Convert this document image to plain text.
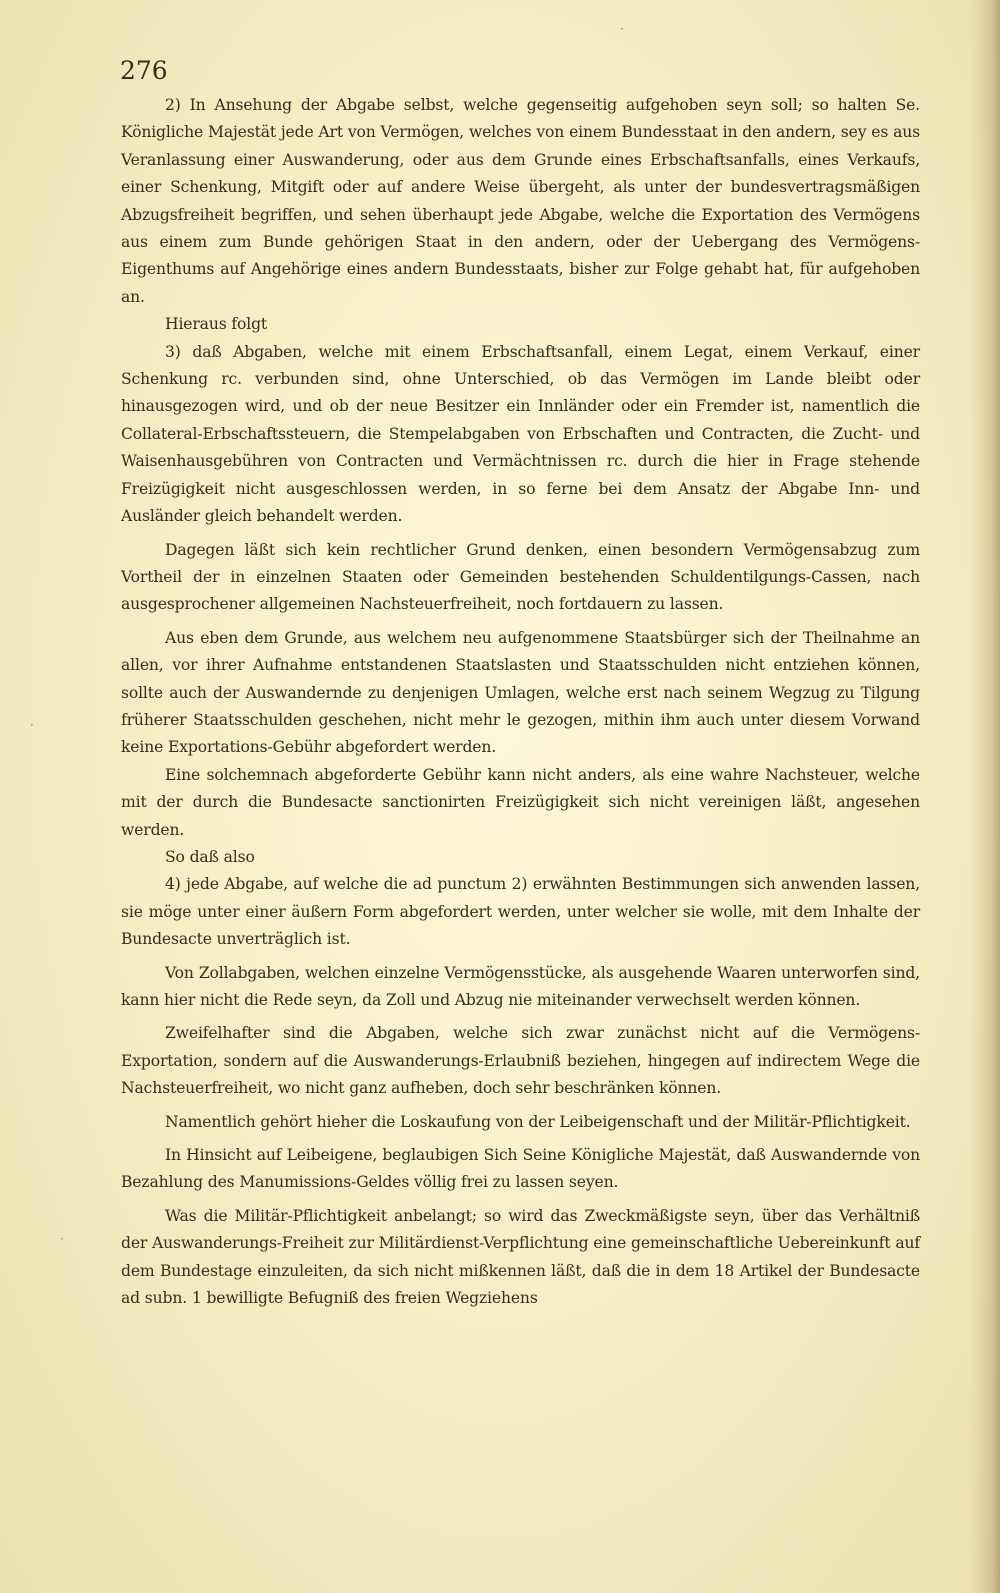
276
·
·
·

2) In Ansehung der Abgabe selbst, welche gegenseitig aufgehoben seyn soll; so halten Se. Königliche Majestät jede Art von Vermögen, welches von einem Bundesstaat in den andern, sey es aus Veranlassung einer Auswanderung, oder aus dem Grunde eines Erbschaftsanfalls, eines Verkaufs, einer Schenkung, Mitgift oder auf andere Weise übergeht, als unter der bundesvertragsmäßigen Abzugsfreiheit begriffen, und sehen überhaupt jede Abgabe, welche die Exportation des Vermögens aus einem zum Bunde gehörigen Staat in den andern, oder der Uebergang des Vermögens-Eigenthums auf Angehörige eines andern Bundesstaats, bisher zur Folge gehabt hat, für aufgehoben an.

Hieraus folgt

3) daß Abgaben, welche mit einem Erbschaftsanfall, einem Legat, einem Verkauf, einer Schenkung rc. verbunden sind, ohne Unterschied, ob das Vermögen im Lande bleibt oder hinausgezogen wird, und ob der neue Besitzer ein Innländer oder ein Fremder ist, namentlich die Collateral-Erbschaftssteuern, die Stempelabgaben von Erbschaften und Contracten, die Zucht- und Waisenhausgebühren von Contracten und Vermächtnissen rc. durch die hier in Frage stehende Freizügigkeit nicht ausgeschlossen werden, in so ferne bei dem Ansatz der Abgabe Inn- und Ausländer gleich behandelt werden.

Dagegen läßt sich kein rechtlicher Grund denken, einen besondern Vermögensabzug zum Vortheil der in einzelnen Staaten oder Gemeinden bestehenden Schuldentilgungs-Cassen, nach ausgesprochener allgemeinen Nachsteuerfreiheit, noch fortdauern zu lassen.

Aus eben dem Grunde, aus welchem neu aufgenommene Staatsbürger sich der Theilnahme an allen, vor ihrer Aufnahme entstandenen Staatslasten und Staatsschulden nicht entziehen können, sollte auch der Auswandernde zu denjenigen Umlagen, welche erst nach seinem Wegzug zu Tilgung früherer Staatsschulden geschehen, nicht mehr le gezogen, mithin ihm auch unter diesem Vorwand keine Exportations-Gebühr abgefordert werden.

Eine solchemnach abgeforderte Gebühr kann nicht anders, als eine wahre Nachsteuer, welche mit der durch die Bundesacte sanctionirten Freizügigkeit sich nicht vereinigen läßt, angesehen werden.

So daß also

4) jede Abgabe, auf welche die ad punctum 2) erwähnten Bestimmungen sich anwenden lassen, sie möge unter einer äußern Form abgefordert werden, unter welcher sie wolle, mit dem Inhalte der Bundesacte unverträglich ist.

Von Zollabgaben, welchen einzelne Vermögensstücke, als ausgehende Waaren unterworfen sind, kann hier nicht die Rede seyn, da Zoll und Abzug nie miteinander verwechselt werden können.

Zweifelhafter sind die Abgaben, welche sich zwar zunächst nicht auf die Vermögens-Exportation, sondern auf die Auswanderungs-Erlaubniß beziehen, hingegen auf indirectem Wege die Nachsteuerfreiheit, wo nicht ganz aufheben, doch sehr beschränken können.

Namentlich gehört hieher die Loskaufung von der Leibeigenschaft und der Militär-Pflichtigkeit.

In Hinsicht auf Leibeigene, beglaubigen Sich Seine Königliche Majestät, daß Auswandernde von Bezahlung des Manumissions-Geldes völlig frei zu lassen seyen.

Was die Militär-Pflichtigkeit anbelangt; so wird das Zweckmäßigste seyn, über das Verhältniß der Auswanderungs-Freiheit zur Militärdienst-Verpflichtung eine gemeinschaftliche Uebereinkunft auf dem Bundestage einzuleiten, da sich nicht mißkennen läßt, daß die in dem 18 Artikel der Bundesacte ad subn. 1 bewilligte Befugniß des freien Wegziehens
